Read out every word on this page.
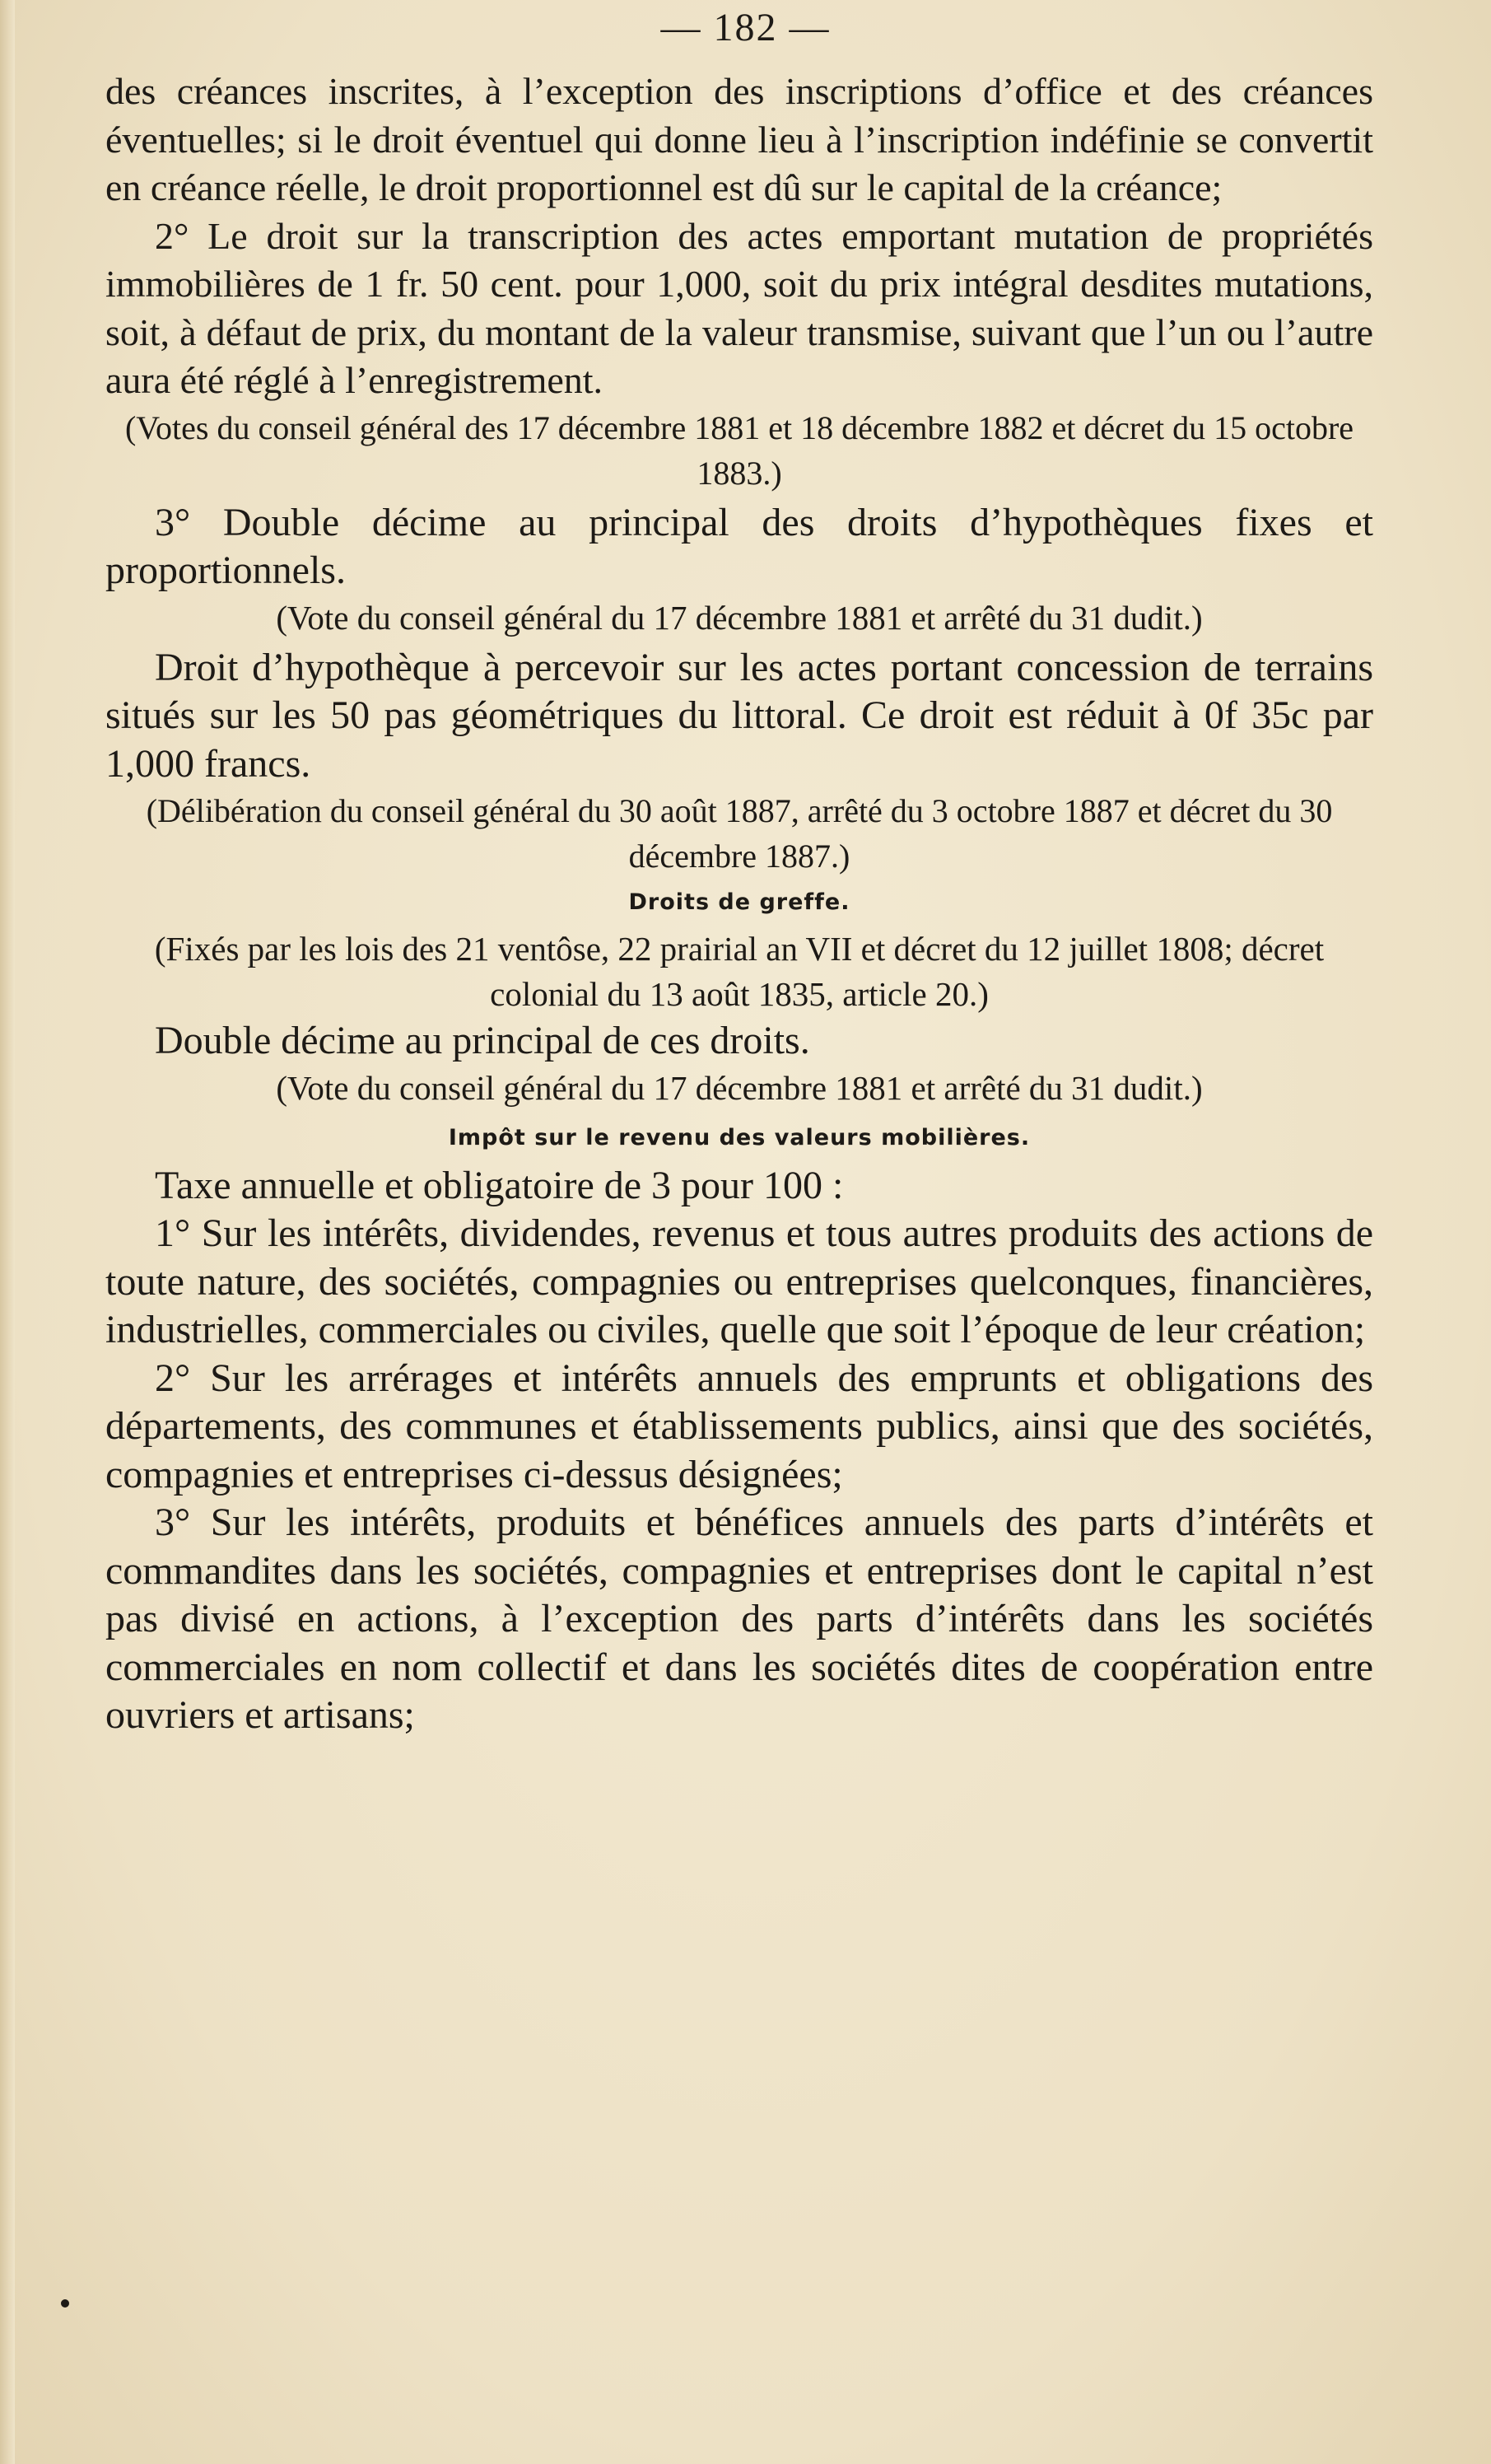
— 182 —

des créances inscrites, à l’exception des inscriptions d’office et des créances éventuelles; si le droit éventuel qui donne lieu à l’inscription indéfinie se convertit en créance réelle, le droit proportionnel est dû sur le capital de la créance;

2° Le droit sur la transcription des actes emportant mutation de propriétés immobilières de 1 fr. 50 cent. pour 1,000, soit du prix intégral desdites mutations, soit, à défaut de prix, du montant de la valeur transmise, suivant que l’un ou l’autre aura été réglé à l’enregistrement.

(Votes du conseil général des 17 décembre 1881 et 18 décembre 1882 et décret du 15 octobre 1883.)

3° Double décime au principal des droits d’hypothèques fixes et proportionnels.

(Vote du conseil général du 17 décembre 1881 et arrêté du 31 dudit.)

Droit d’hypothèque à percevoir sur les actes portant concession de terrains situés sur les 50 pas géométriques du littoral. Ce droit est réduit à 0f 35c par 1,000 francs.

(Délibération du conseil général du 30 août 1887, arrêté du 3 octobre 1887 et décret du 30 décembre 1887.)

Droits de greffe.

(Fixés par les lois des 21 ventôse, 22 prairial an VII et décret du 12 juillet 1808; décret colonial du 13 août 1835, article 20.)

Double décime au principal de ces droits.

(Vote du conseil général du 17 décembre 1881 et arrêté du 31 dudit.)

Impôt sur le revenu des valeurs mobilières.

Taxe annuelle et obligatoire de 3 pour 100 :

1° Sur les intérêts, dividendes, revenus et tous autres produits des actions de toute nature, des sociétés, compagnies ou entreprises quelconques, financières, industrielles, commerciales ou civiles, quelle que soit l’époque de leur création;

2° Sur les arrérages et intérêts annuels des emprunts et obligations des départements, des communes et établissements publics, ainsi que des sociétés, compagnies et entreprises ci-dessus désignées;

3° Sur les intérêts, produits et bénéfices annuels des parts d’intérêts et commandites dans les sociétés, compagnies et entreprises dont le capital n’est pas divisé en actions, à l’exception des parts d’intérêts dans les sociétés commerciales en nom collectif et dans les sociétés dites de coopération entre ouvriers et artisans;
